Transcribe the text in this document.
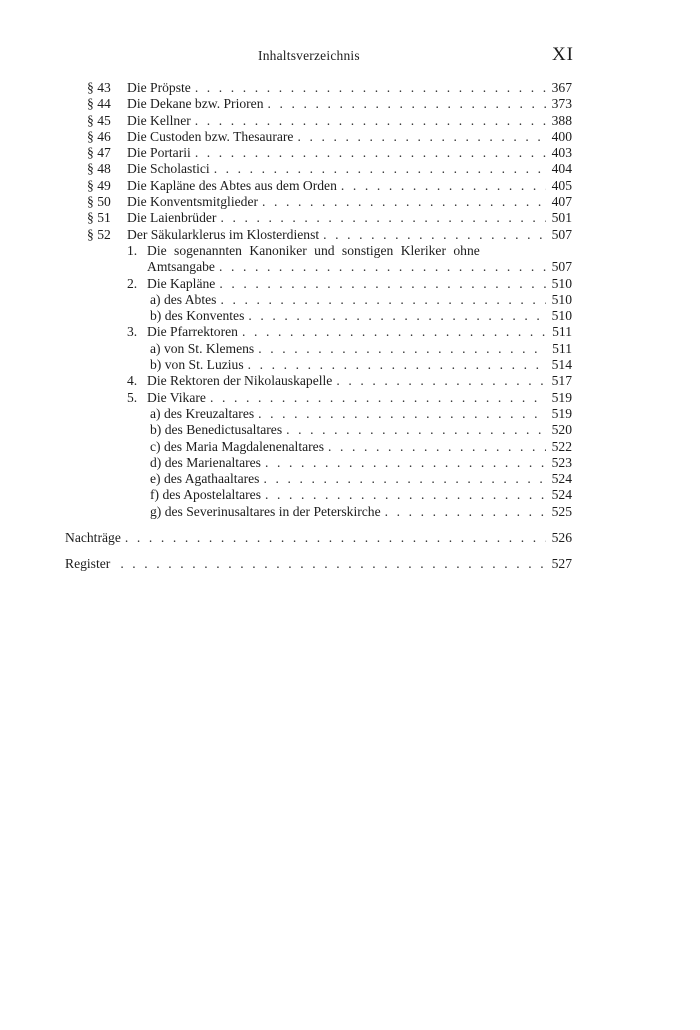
Inhaltsverzeichnis	XI
§ 43 Die Pröpste . . .	367
§ 44 Die Dekane bzw. Prioren . . .	373
§ 45 Die Kellner . . .	388
§ 46 Die Custoden bzw. Thesaurare . . .	400
§ 47 Die Portarii . . .	403
§ 48 Die Scholastici . . .	404
§ 49 Die Kapläne des Abtes aus dem Orden . . .	405
§ 50 Die Konventsmitglieder . . .	407
§ 51 Die Laienbrüder . . .	501
§ 52 Der Säkularklerus im Klosterdienst . . .	507
1. Die sogenannten Kanoniker und sonstigen Kleriker ohne
Amtsangabe . . .	507
2. Die Kapläne . . .	510
a) des Abtes . . .	510
b) des Konventes . . .	510
3. Die Pfarrektoren . . .	511
a) von St. Klemens . . .	511
b) von St. Luzius . . .	514
4. Die Rektoren der Nikolauskapelle . . .	517
5. Die Vikare . . .	519
a) des Kreuzaltares . . .	519
b) des Benedictusaltares . . .	520
c) des Maria Magdalenenaltares . . .	522
d) des Marienaltares . . .	523
e) des Agathaaltares . . .	524
f) des Apostelaltares . . .	524
g) des Severinusaltares in der Peterskirche . . .	525
Nachträge . . .	526
Register . . .	527
